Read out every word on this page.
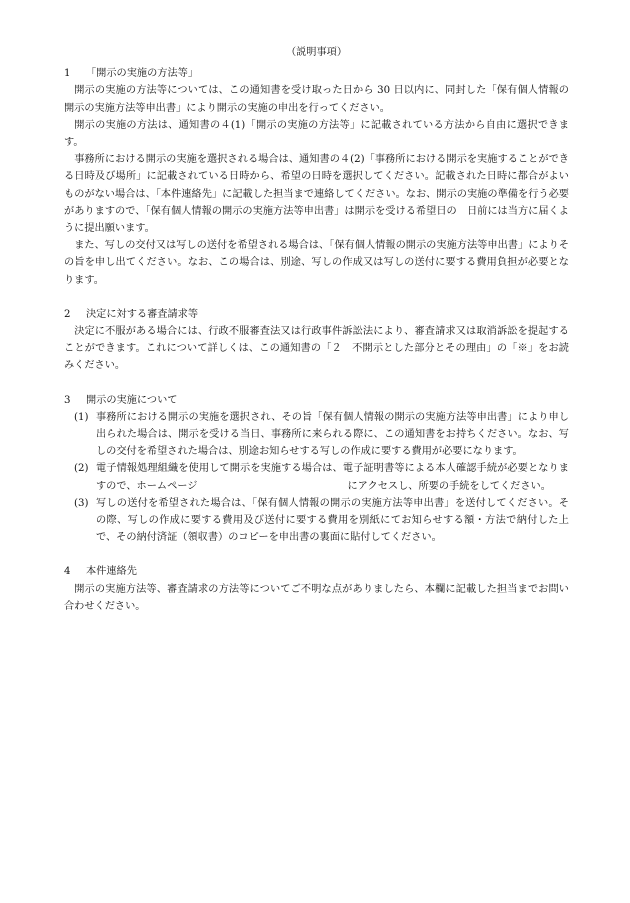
（説明事項）
1	「開示の実施の方法等」

開示の実施の方法等については、この通知書を受け取った日から 30 日以内に、同封した「保有個人情報の開示の実施方法等申出書」により開示の実施の申出を行ってください。

開示の実施の方法は、通知書の４(1)「開示の実施の方法等」に記載されている方法から自由に選択できます。

事務所における開示の実施を選択される場合は、通知書の４(2)「事務所における開示を実施することができる日時及び場所」に記載されている日時から、希望の日時を選択してください。記載された日時に都合がよいものがない場合は、「本件連絡先」に記載した担当まで連絡してください。なお、開示の実施の準備を行う必要がありますので、「保有個人情報の開示の実施方法等申出書」は開示を受ける希望日の　日前には当方に届くように提出願います。

また、写しの交付又は写しの送付を希望される場合は、「保有個人情報の開示の実施方法等申出書」によりその旨を申し出てください。なお、この場合は、別途、写しの作成又は写しの送付に要する費用負担が必要となります。

2	決定に対する審査請求等

決定に不服がある場合には、行政不服審査法又は行政事件訴訟法により、審査請求又は取消訴訟を提起することができます。これについて詳しくは、この通知書の「２　不開示とした部分とその理由」の「※」をお読みください。

3	開示の実施について
(1) 事務所における開示の実施を選択され、その旨「保有個人情報の開示の実施方法等申出書」により申し出られた場合は、開示を受ける当日、事務所に来られる際に、この通知書をお持ちください。なお、写しの交付を希望された場合は、別途お知らせする写しの作成に要する費用が必要になります。
(2) 電子情報処理組織を使用して開示を実施する場合は、電子証明書等による本人確認手続が必要となりますので、ホームページ	にアクセスし、所要の手続をしてください。
(3) 写しの送付を希望された場合は、「保有個人情報の開示の実施方法等申出書」を送付してください。その際、写しの作成に要する費用及び送付に要する費用を別紙にてお知らせする額・方法で納付した上で、その納付済証（領収書）のコピーを申出書の裏面に貼付してください。
4	本件連絡先

開示の実施方法等、審査請求の方法等についてご不明な点がありましたら、本欄に記載した担当までお問い合わせください。
